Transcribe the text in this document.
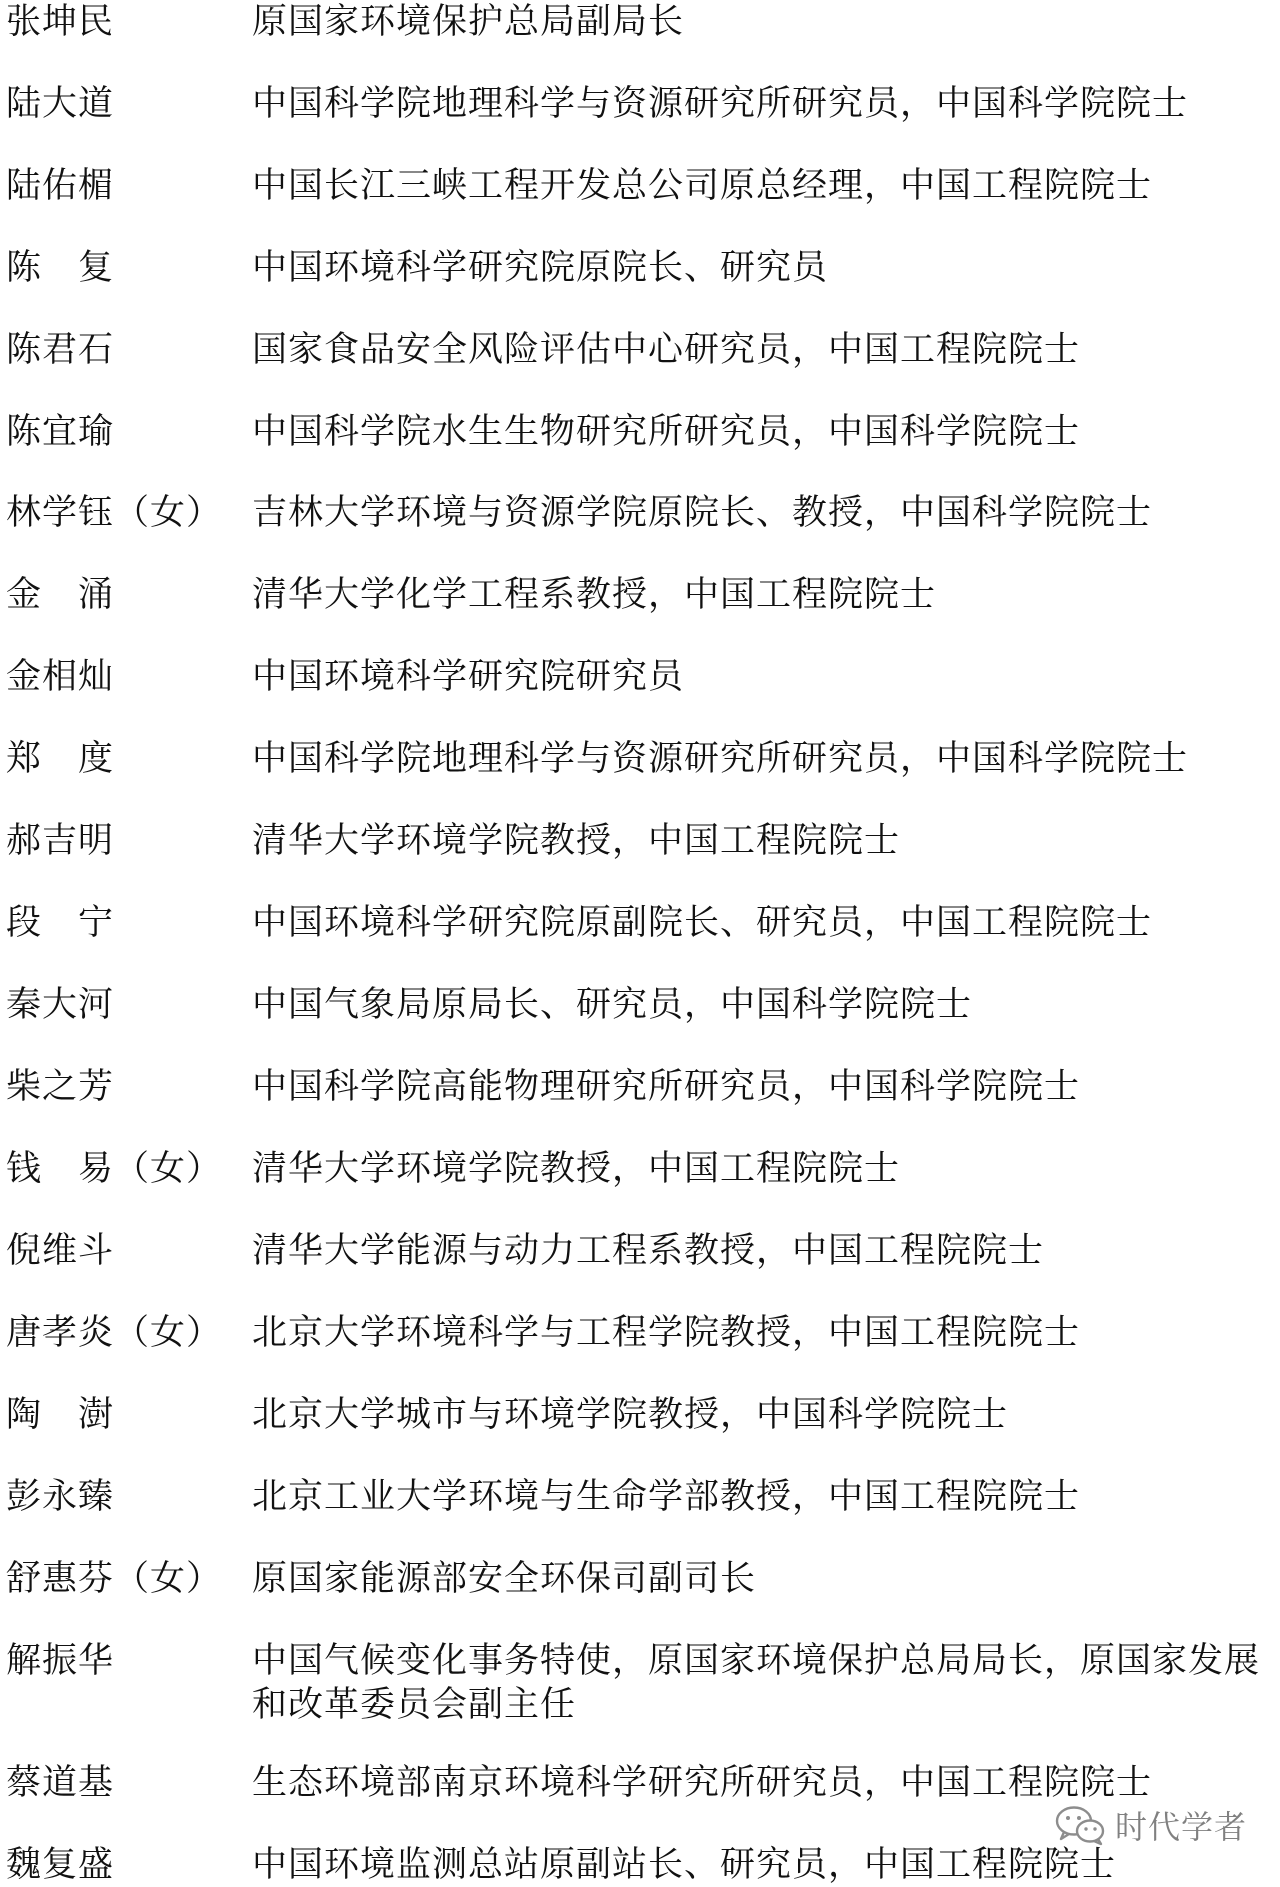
张坤民	原国家环境保护总局副局长
陆大道	中国科学院地理科学与资源研究所研究员，中国科学院院士
陆佑楣	中国长江三峡工程开发总公司原总经理，中国工程院院士
陈　复	中国环境科学研究院原院长、研究员
陈君石	国家食品安全风险评估中心研究员，中国工程院院士
陈宜瑜	中国科学院水生生物研究所研究员，中国科学院院士
林学钰（女） 吉林大学环境与资源学院原院长、教授，中国科学院院士
金　涌	清华大学化学工程系教授，中国工程院院士
金相灿	中国环境科学研究院研究员
郑　度	中国科学院地理科学与资源研究所研究员，中国科学院院士
郝吉明	清华大学环境学院教授，中国工程院院士
段　宁	中国环境科学研究院原副院长、研究员，中国工程院院士
秦大河	中国气象局原局长、研究员，中国科学院院士
柴之芳	中国科学院高能物理研究所研究员，中国科学院院士
钱　易（女） 清华大学环境学院教授，中国工程院院士
倪维斗	清华大学能源与动力工程系教授，中国工程院院士
唐孝炎（女） 北京大学环境科学与工程学院教授，中国工程院院士
陶　澍	北京大学城市与环境学院教授，中国科学院院士
彭永臻	北京工业大学环境与生命学部教授，中国工程院院士
舒惠芬（女） 原国家能源部安全环保司副司长
解振华	中国气候变化事务特使，原国家环境保护总局局长，原国家发展和改革委员会副主任
蔡道基	生态环境部南京环境科学研究所研究员，中国工程院院士
魏复盛	中国环境监测总站原副站长、研究员，中国工程院院士
时代学者
